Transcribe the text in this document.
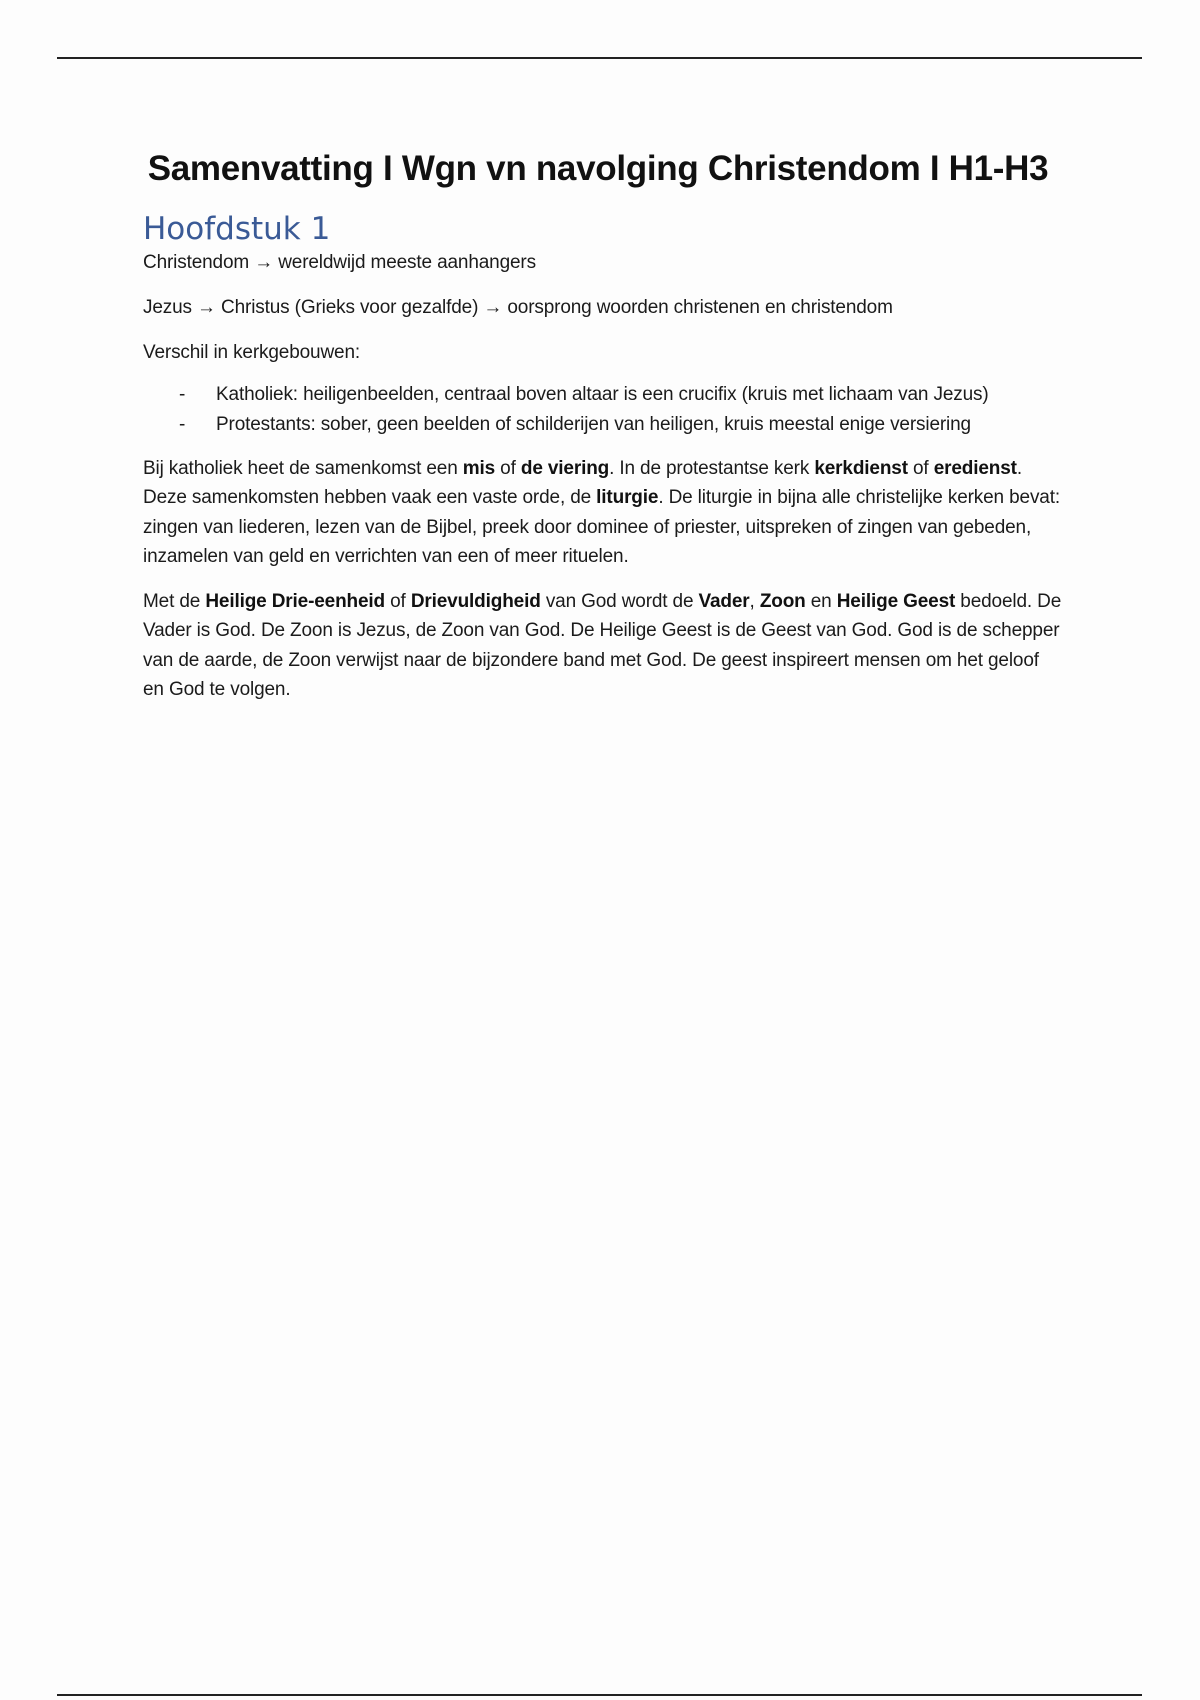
Samenvatting I Wgn vn navolging Christendom I H1-H3
Hoofdstuk 1

Christendom → wereldwijd meeste aanhangers

Jezus → Christus (Grieks voor gezalfde) → oorsprong woorden christenen en christendom

Verschil in kerkgebouwen:

- Katholiek: heiligenbeelden, centraal boven altaar is een crucifix (kruis met lichaam van Jezus)
- Protestants: sober, geen beelden of schilderijen van heiligen, kruis meestal enige versiering

Bij katholiek heet de samenkomst een mis of de viering. In de protestantse kerk kerkdienst of eredienst. Deze samenkomsten hebben vaak een vaste orde, de liturgie. De liturgie in bijna alle christelijke kerken bevat: zingen van liederen, lezen van de Bijbel, preek door dominee of priester, uitspreken of zingen van gebeden, inzamelen van geld en verrichten van een of meer rituelen.

Met de Heilige Drie-eenheid of Drievuldigheid van God wordt de Vader, Zoon en Heilige Geest bedoeld. De Vader is God. De Zoon is Jezus, de Zoon van God. De Heilige Geest is de Geest van God. God is de schepper van de aarde, de Zoon verwijst naar de bijzondere band met God. De geest inspireert mensen om het geloof en God te volgen.
